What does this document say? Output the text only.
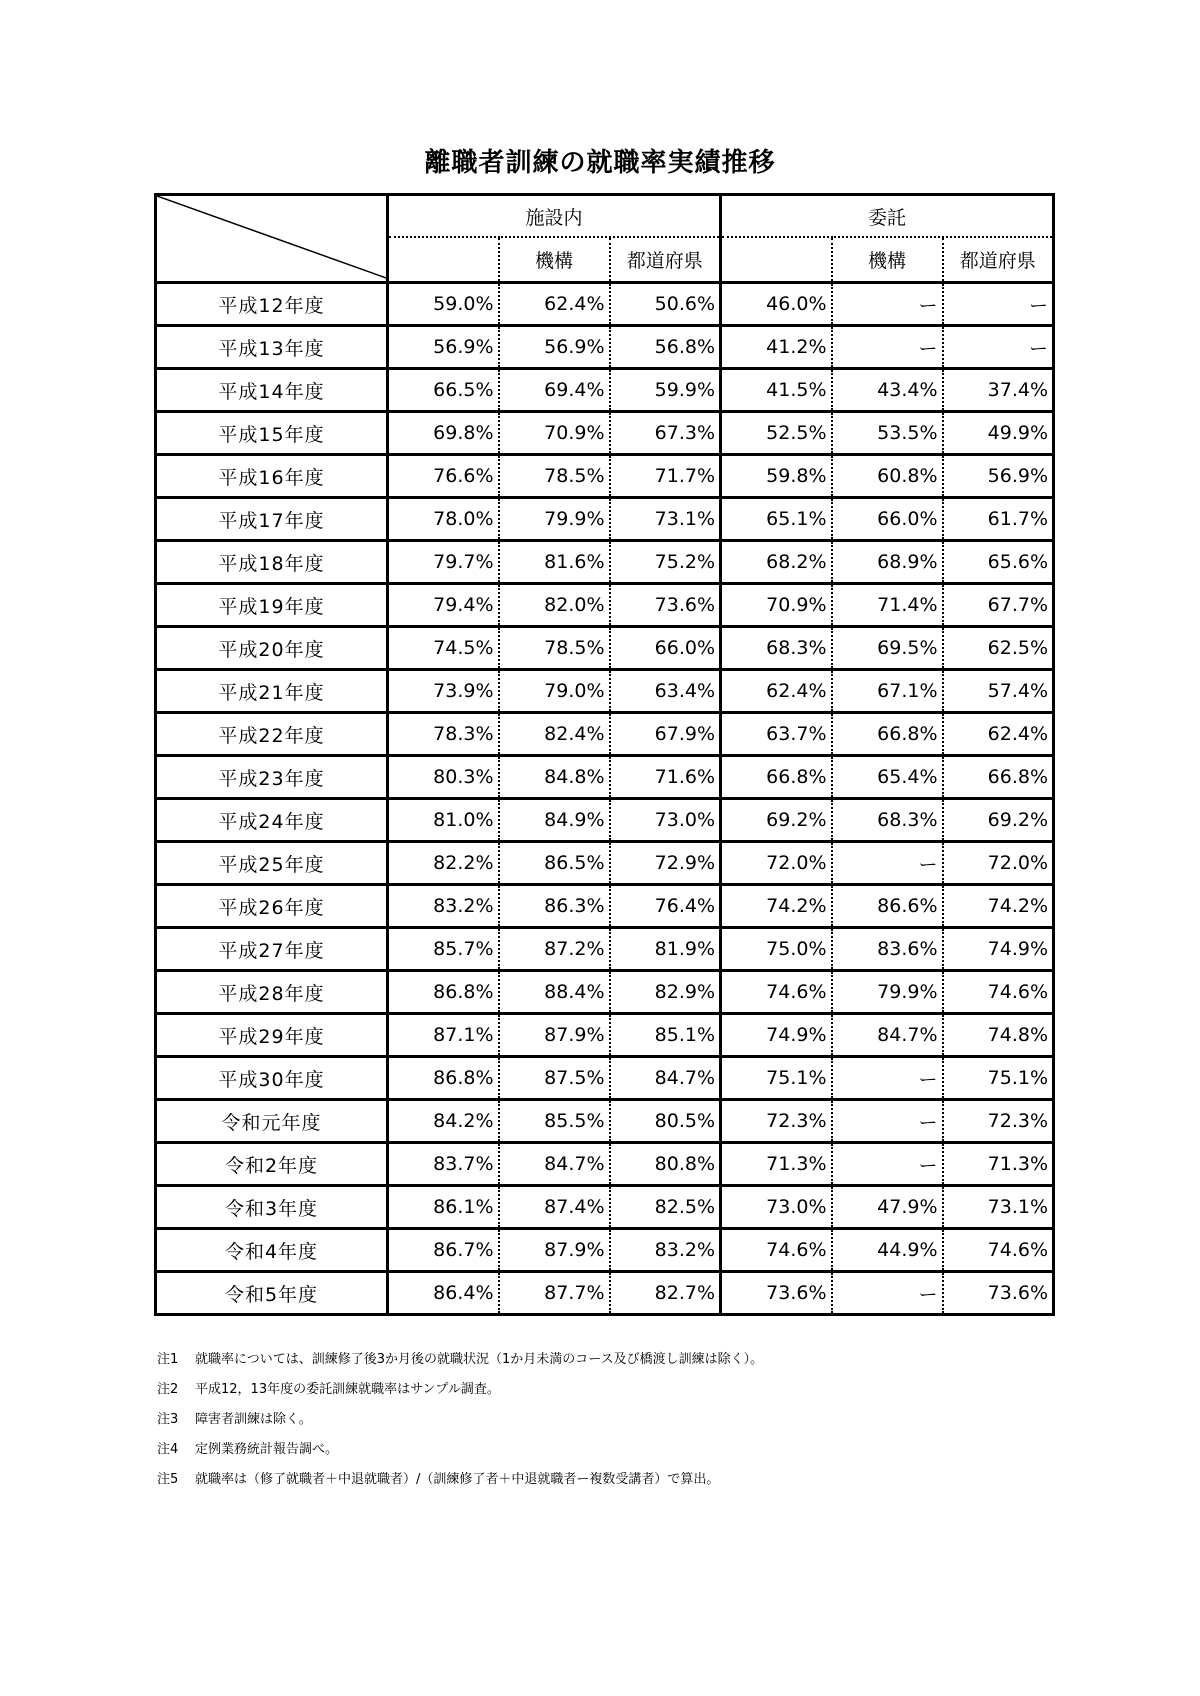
離職者訓練の就職率実績推移
	施設内			委託		
		機構	都道府県		機構	都道府県
平成12年度	59.0%	62.4%	50.6%	46.0%	ー	ー
平成13年度	56.9%	56.9%	56.8%	41.2%	ー	ー
平成14年度	66.5%	69.4%	59.9%	41.5%	43.4%	37.4%
平成15年度	69.8%	70.9%	67.3%	52.5%	53.5%	49.9%
平成16年度	76.6%	78.5%	71.7%	59.8%	60.8%	56.9%
平成17年度	78.0%	79.9%	73.1%	65.1%	66.0%	61.7%
平成18年度	79.7%	81.6%	75.2%	68.2%	68.9%	65.6%
平成19年度	79.4%	82.0%	73.6%	70.9%	71.4%	67.7%
平成20年度	74.5%	78.5%	66.0%	68.3%	69.5%	62.5%
平成21年度	73.9%	79.0%	63.4%	62.4%	67.1%	57.4%
平成22年度	78.3%	82.4%	67.9%	63.7%	66.8%	62.4%
平成23年度	80.3%	84.8%	71.6%	66.8%	65.4%	66.8%
平成24年度	81.0%	84.9%	73.0%	69.2%	68.3%	69.2%
平成25年度	82.2%	86.5%	72.9%	72.0%	ー	72.0%
平成26年度	83.2%	86.3%	76.4%	74.2%	86.6%	74.2%
平成27年度	85.7%	87.2%	81.9%	75.0%	83.6%	74.9%
平成28年度	86.8%	88.4%	82.9%	74.6%	79.9%	74.6%
平成29年度	87.1%	87.9%	85.1%	74.9%	84.7%	74.8%
平成30年度	86.8%	87.5%	84.7%	75.1%	ー	75.1%
令和元年度	84.2%	85.5%	80.5%	72.3%	ー	72.3%
令和2年度	83.7%	84.7%	80.8%	71.3%	ー	71.3%
令和3年度	86.1%	87.4%	82.5%	73.0%	47.9%	73.1%
令和4年度	86.7%	87.9%	83.2%	74.6%	44.9%	74.6%
令和5年度	86.4%	87.7%	82.7%	73.6%	ー	73.6%
注1 就職率については、訓練修了後3か月後の就職状況（1か月未満のコース及び橋渡し訓練は除く）。
注2 平成12，13年度の委託訓練就職率はサンプル調査。
注3 障害者訓練は除く。
注4 定例業務統計報告調べ。
注5 就職率は（修了就職者＋中退就職者）/（訓練修了者＋中退就職者ー複数受講者）で算出。
